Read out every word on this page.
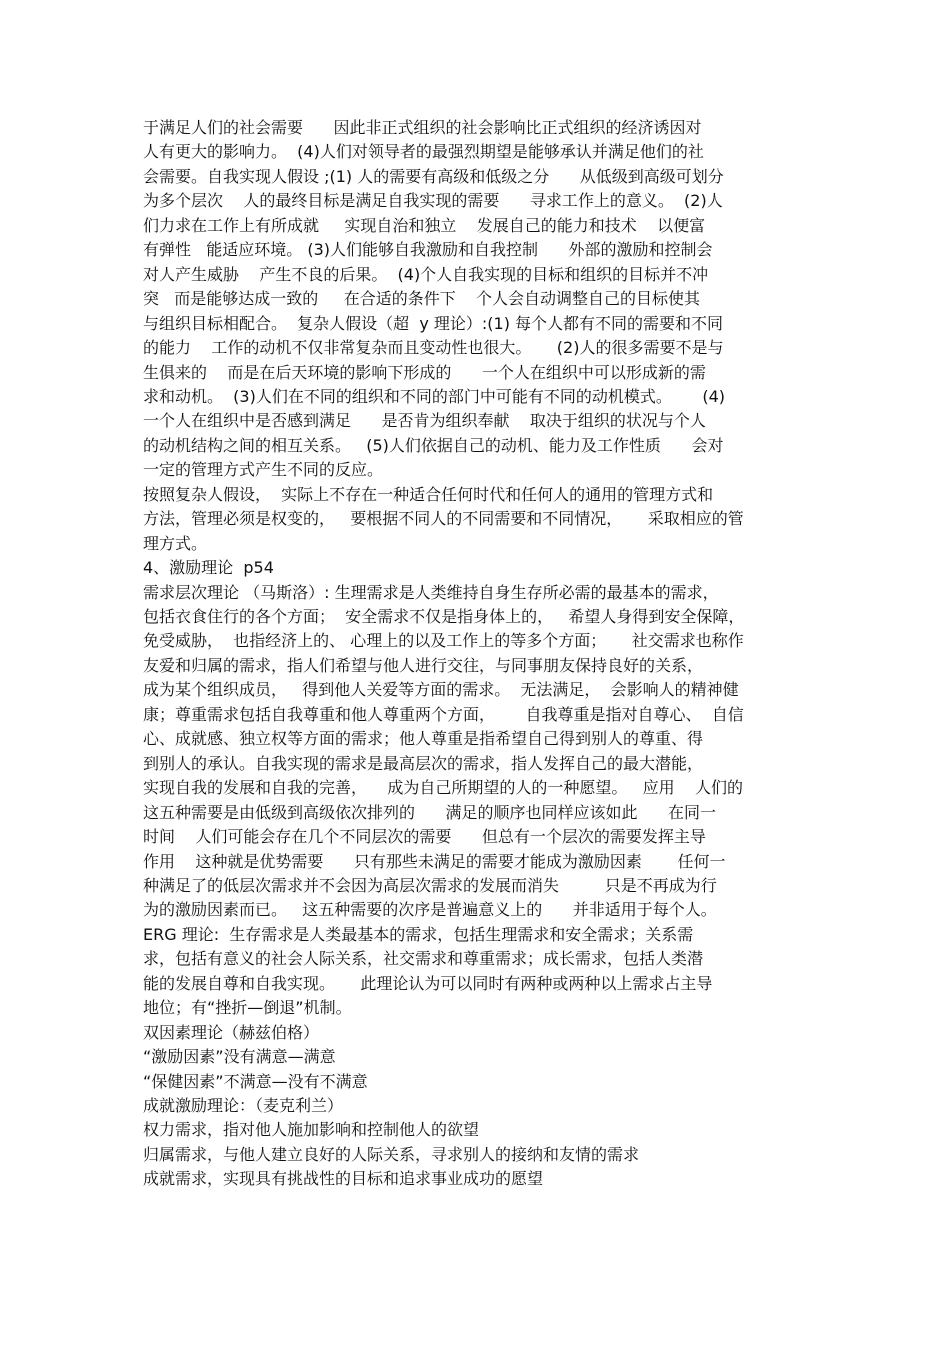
于满足人们的社会需要      因此非正式组织的社会影响比正式组织的经济诱因对
人有更大的影响力。  (4)人们对领导者的最强烈期望是能够承认并满足他们的社
会需要。自我实现人假设 ;(1) 人的需要有高级和低级之分      从低级到高级可划分
为多个层次    人的最终目标是满足自我实现的需要      寻求工作上的意义。  (2)人
们力求在工作上有所成就     实现自治和独立    发展自己的能力和技术    以便富
有弹性   能适应环境。 (3)人们能够自我激励和自我控制      外部的激励和控制会
对人产生威胁    产生不良的后果。  (4)个人自我实现的目标和组织的目标并不冲
突   而是能够达成一致的     在合适的条件下    个人会自动调整自己的目标使其
与组织目标相配合。  复杂人假设（超  y 理论）:(1) 每个人都有不同的需要和不同
的能力    工作的动机不仅非常复杂而且变动性也很大。     (2)人的很多需要不是与
生俱来的    而是在后天环境的影响下形成的      一个人在组织中可以形成新的需
求和动机。  (3)人们在不同的组织和不同的部门中可能有不同的动机模式。      (4)
一个人在组织中是否感到满足      是否肯为组织奉献    取决于组织的状况与个人
的动机结构之间的相互关系。   (5)人们依据自己的动机、能力及工作性质      会对
一定的管理方式产生不同的反应。
按照复杂人假设，  实际上不存在一种适合任何时代和任何人的通用的管理方式和
方法，管理必须是权变的，   要根据不同人的不同需要和不同情况，     采取相应的管
理方式。
4、激励理论  p54
需求层次理论 （马斯洛）: 生理需求是人类维持自身生存所必需的最基本的需求，
包括衣食住行的各个方面；  安全需求不仅是指身体上的，   希望人身得到安全保障，
免受威胁，  也指经济上的、 心理上的以及工作上的等多个方面；     社交需求也称作
友爱和归属的需求，指人们希望与他人进行交往，与同事朋友保持良好的关系，
成为某个组织成员，   得到他人关爱等方面的需求。  无法满足，  会影响人的精神健
康；尊重需求包括自我尊重和他人尊重两个方面，      自我尊重是指对自尊心、  自信
心、成就感、独立权等方面的需求；他人尊重是指希望自己得到别人的尊重、得
到别人的承认。自我实现的需求是最高层次的需求，指人发挥自己的最大潜能，
实现自我的发展和自我的完善，    成为自己所期望的人的一种愿望。   应用    人们的
这五种需要是由低级到高级依次排列的      满足的顺序也同样应该如此      在同一
时间    人们可能会存在几个不同层次的需要      但总有一个层次的需要发挥主导
作用    这种就是优势需要      只有那些未满足的需要才能成为激励因素       任何一
种满足了的低层次需求并不会因为高层次需求的发展而消失         只是不再成为行
为的激励因素而已。   这五种需要的次序是普遍意义上的      并非适用于每个人。
ERG 理论:  生存需求是人类最基本的需求，包括生理需求和安全需求；关系需
求，包括有意义的社会人际关系，社交需求和尊重需求；成长需求，包括人类潜
能的发展自尊和自我实现。     此理论认为可以同时有两种或两种以上需求占主导
地位；有“挫折—倒退”机制。
双因素理论（赫兹伯格）
“激励因素”没有满意—满意
“保健因素”不满意—没有不满意
成就激励理论：（麦克利兰）
权力需求，指对他人施加影响和控制他人的欲望
归属需求，与他人建立良好的人际关系，寻求别人的接纳和友情的需求
成就需求，实现具有挑战性的目标和追求事业成功的愿望
